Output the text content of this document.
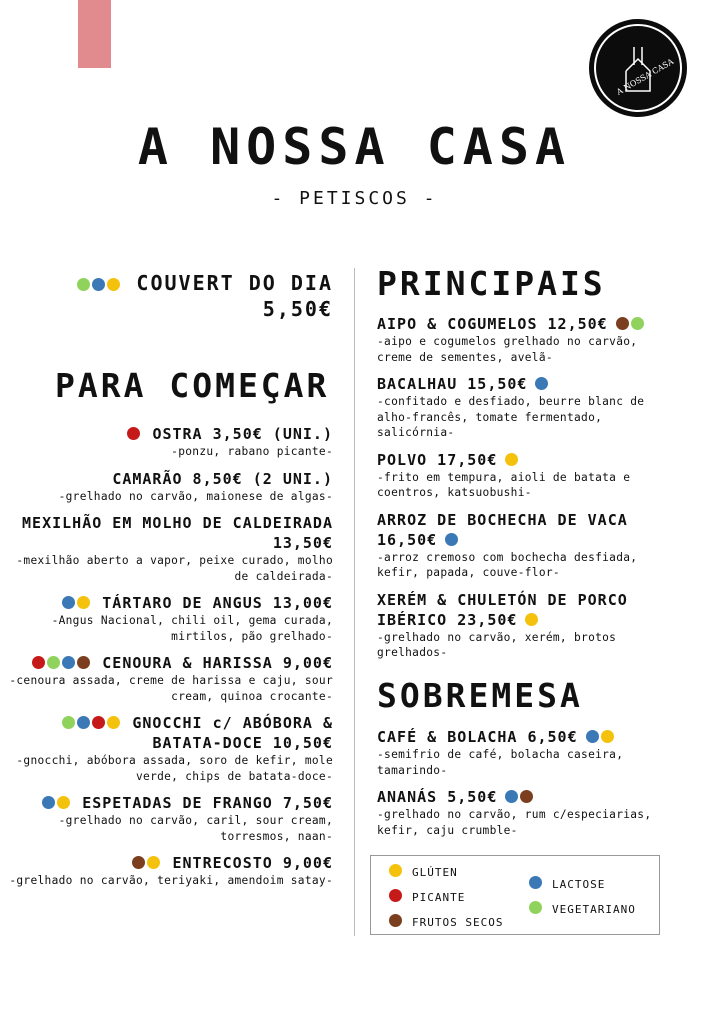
A NOSSA CASA
A NOSSA CASA
- PETISCOS -
COUVERT DO DIA
5,50€
PARA COMEÇAR
OSTRA 3,50€ (UNI.)
-ponzu, rabano picante-
CAMARÃO 8,50€ (2 UNI.)
-grelhado no carvão, maionese de algas-
MEXILHÃO EM MOLHO DE CALDEIRADA 13,50€
-mexilhão aberto a vapor, peixe curado, molho de caldeirada-
TÁRTARO DE ANGUS 13,00€
-Angus Nacional, chili oil, gema curada, mirtilos, pão grelhado-
CENOURA & HARISSA 9,00€
-cenoura assada, creme de harissa e caju, sour cream, quinoa crocante-
GNOCCHI c/ ABÓBORA & BATATA-DOCE 10,50€
-gnocchi, abóbora assada, soro de kefir, mole verde, chips de batata-doce-
ESPETADAS DE FRANGO 7,50€
-grelhado no carvão, caril, sour cream, torresmos, naan-
ENTRECOSTO 9,00€
-grelhado no carvão, teriyaki, amendoim satay-
PRINCIPAIS
AIPO & COGUMELOS 12,50€
-aipo e cogumelos grelhado no carvão, creme de sementes, avelã-
BACALHAU 15,50€
-confitado e desfiado, beurre blanc de alho-francês, tomate fermentado, salicórnia-
POLVO 17,50€
-frito em tempura, aioli de batata e coentros, katsuobushi-
ARROZ DE BOCHECHA DE VACA 16,50€
-arroz cremoso com bochecha desfiada, kefir, papada, couve-flor-
XERÉM & CHULETÓN DE PORCO IBÉRICO 23,50€
-grelhado no carvão, xerém, brotos grelhados-
SOBREMESA
CAFÉ & BOLACHA 6,50€
-semifrio de café, bolacha caseira, tamarindo-
ANANÁS 5,50€
-grelhado no carvão, rum c/especiarias, kefir, caju crumble-
GLÚTEN
PICANTE
FRUTOS SECOS
LACTOSE
VEGETARIANO
